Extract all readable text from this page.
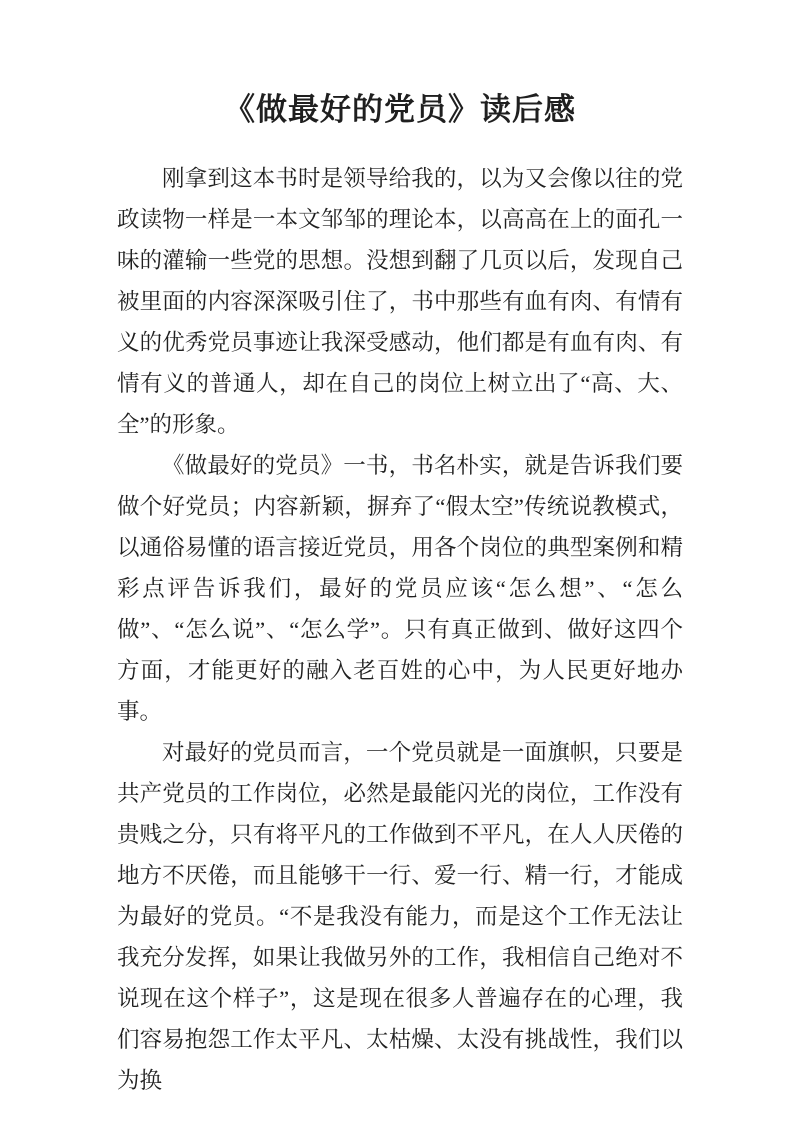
《做最好的党员》读后感

刚拿到这本书时是领导给我的，以为又会像以往的党政读物一样是一本文邹邹的理论本，以高高在上的面孔一味的灌输一些党的思想。没想到翻了几页以后，发现自己被里面的内容深深吸引住了，书中那些有血有肉、有情有义的优秀党员事迹让我深受感动，他们都是有血有肉、有情有义的普通人，却在自己的岗位上树立出了“高、大、全”的形象。

《做最好的党员》一书，书名朴实，就是告诉我们要做个好党员；内容新颖，摒弃了“假太空”传统说教模式，以通俗易懂的语言接近党员，用各个岗位的典型案例和精彩点评告诉我们，最好的党员应该“怎么想”、“怎么做”、“怎么说”、“怎么学”。只有真正做到、做好这四个方面，才能更好的融入老百姓的心中，为人民更好地办事。

对最好的党员而言，一个党员就是一面旗帜，只要是共产党员的工作岗位，必然是最能闪光的岗位，工作没有贵贱之分，只有将平凡的工作做到不平凡，在人人厌倦的地方不厌倦，而且能够干一行、爱一行、精一行，才能成为最好的党员。“不是我没有能力，而是这个工作无法让我充分发挥，如果让我做另外的工作，我相信自己绝对不说现在这个样子”，这是现在很多人普遍存在的心理，我们容易抱怨工作太平凡、太枯燥、太没有挑战性，我们以为换
